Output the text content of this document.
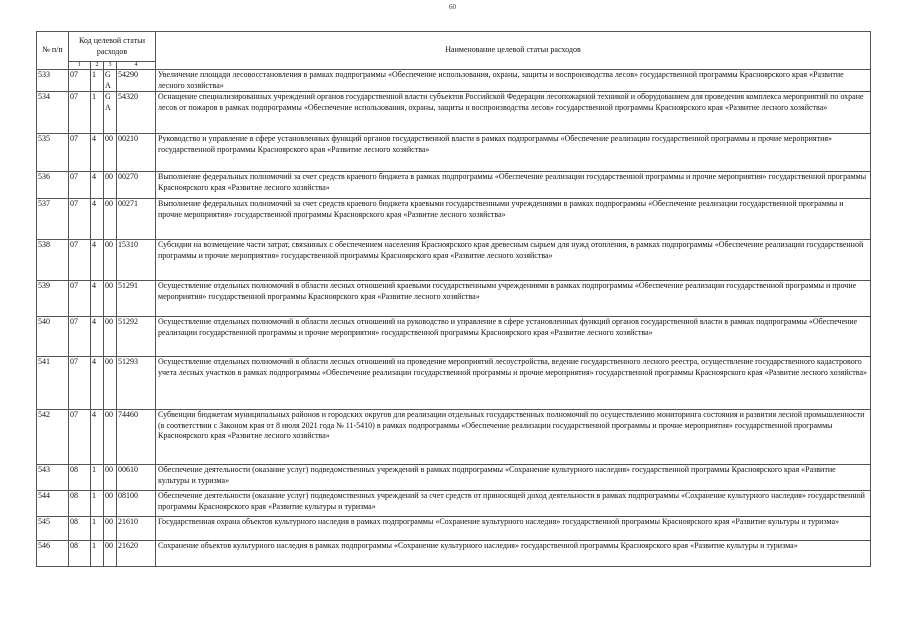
60
№ п/п	Код целевой статьи расходов				Наименование целевой статьи расходов
	1	2	3	4	
533	07	1	G A	54290	Увеличение площади лесовосстановления в рамках подпрограммы «Обеспечение использования, охраны, защиты и воспроизводства лесов» государственной программы Красноярского края «Развитие лесного хозяйства»
534	07	1	G A	54320	Оснащение специализированных учреждений органов государственной власти субъектов Российской Федерации лесопожарной техникой и оборудованием для проведения комплекса мероприятий по охране лесов от пожаров в рамках подпрограммы «Обеспечение использования, охраны, защиты и воспроизводства лесов» государственной программы Красноярского края «Развитие лесного хозяйства»
535	07	4	00	00210	Руководство и управление в сфере установленных функций органов государственной власти в рамках подпрограммы «Обеспечение реализации государственной программы и прочие мероприятия» государственной программы Красноярского края «Развитие лесного хозяйства»
536	07	4	00	00270	Выполнение федеральных полномочий за счет средств краевого бюджета в рамках подпрограммы «Обеспечение реализации государственной программы и прочие мероприятия» государственной программы Красноярского края «Развитие лесного хозяйства»
537	07	4	00	00271	Выполнение федеральных полномочий за счет средств краевого бюджета краевыми государственными учреждениями в рамках подпрограммы «Обеспечение реализации государственной программы и прочие мероприятия» государственной программы Красноярского края «Развитие лесного хозяйства»
538	07	4	00	15310	Субсидии на возмещение части затрат, связанных с обеспечением населения Красноярского края древесным сырьем для нужд отопления, в рамках подпрограммы «Обеспечение реализации государственной программы и прочие мероприятия» государственной программы Красноярского края «Развитие лесного хозяйства»
539	07	4	00	51291	Осуществление отдельных полномочий в области лесных отношений краевыми государственными учреждениями в рамках подпрограммы «Обеспечение реализации государственной программы и прочие мероприятия» государственной программы Красноярского края «Развитие лесного хозяйства»
540	07	4	00	51292	Осуществление отдельных полномочий в области лесных отношений на руководство и управление в сфере установленных функций органов государственной власти в рамках подпрограммы «Обеспечение реализации государственной программы и прочие мероприятия» государственной программы Красноярского края «Развитие лесного хозяйства»
541	07	4	00	51293	Осуществление отдельных полномочий в области лесных отношений на проведение мероприятий лесоустройства, ведение государственного лесного реестра, осуществление государственного кадастрового учета лесных участков в рамках подпрограммы «Обеспечение реализации государственной программы и прочие мероприятия» государственной программы Красноярского края «Развитие лесного хозяйства»
542	07	4	00	74460	Субвенции бюджетам муниципальных районов и городских округов для реализации отдельных государственных полномочий по осуществлению мониторинга состояния и развития лесной промышленности (в соответствии с Законом края от 8 июля 2021 года № 11-5410) в рамках подпрограммы «Обеспечение реализации государственной программы и прочие мероприятия» государственной программы Красноярского края «Развитие лесного хозяйства»
543	08	1	00	00610	Обеспечение деятельности (оказание услуг) подведомственных учреждений в рамках подпрограммы «Сохранение культурного наследия» государственной программы Красноярского края «Развитие культуры и туризма»
544	08	1	00	08100	Обеспечение деятельности (оказание услуг) подведомственных учреждений за счет средств от приносящей доход деятельности в рамках подпрограммы «Сохранение культурного наследия» государственной программы Красноярского края «Развитие культуры и туризма»
545	08	1	00	21610	Государственная охрана объектов культурного наследия в рамках подпрограммы «Сохранение культурного наследия» государственной программы Красноярского края «Развитие культуры и туризма»
546	08	1	00	21620	Сохранение объектов культурного наследия в рамках подпрограммы «Сохранение культурного наследия» государственной программы Красноярского края «Развитие культуры и туризма»
